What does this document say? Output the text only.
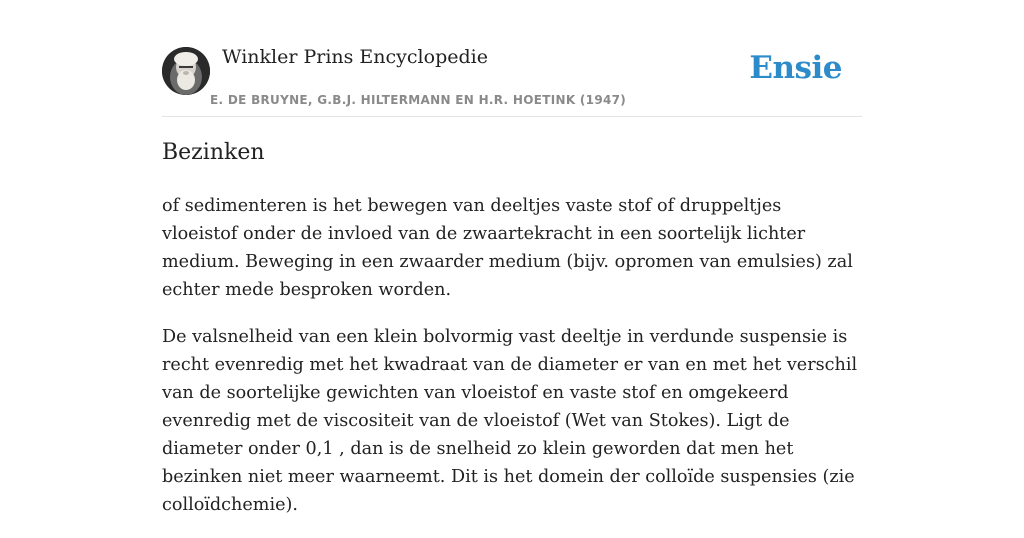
Winkler Prins Encyclopedie
E. DE BRUYNE, G.B.J. HILTERMANN EN H.R. HOETINK (1947)
Ensie
Bezinken

of sedimenteren is het bewegen van deeltjes vaste stof of druppeltjes vloeistof onder de invloed van de zwaartekracht in een soortelijk lichter medium. Beweging in een zwaarder medium (bijv. opromen van emulsies) zal echter mede besproken worden.

De valsnelheid van een klein bolvormig vast deeltje in verdunde suspensie is recht evenredig met het kwadraat van de diameter er van en met het verschil van de soortelijke gewichten van vloeistof en vaste stof en omgekeerd evenredig met de viscositeit van de vloeistof (Wet van Stokes). Ligt de diameter onder 0,1 , dan is de snelheid zo klein geworden dat men het bezinken niet meer waarneemt. Dit is het domein der colloïde suspensies (zie colloïdchemie).
